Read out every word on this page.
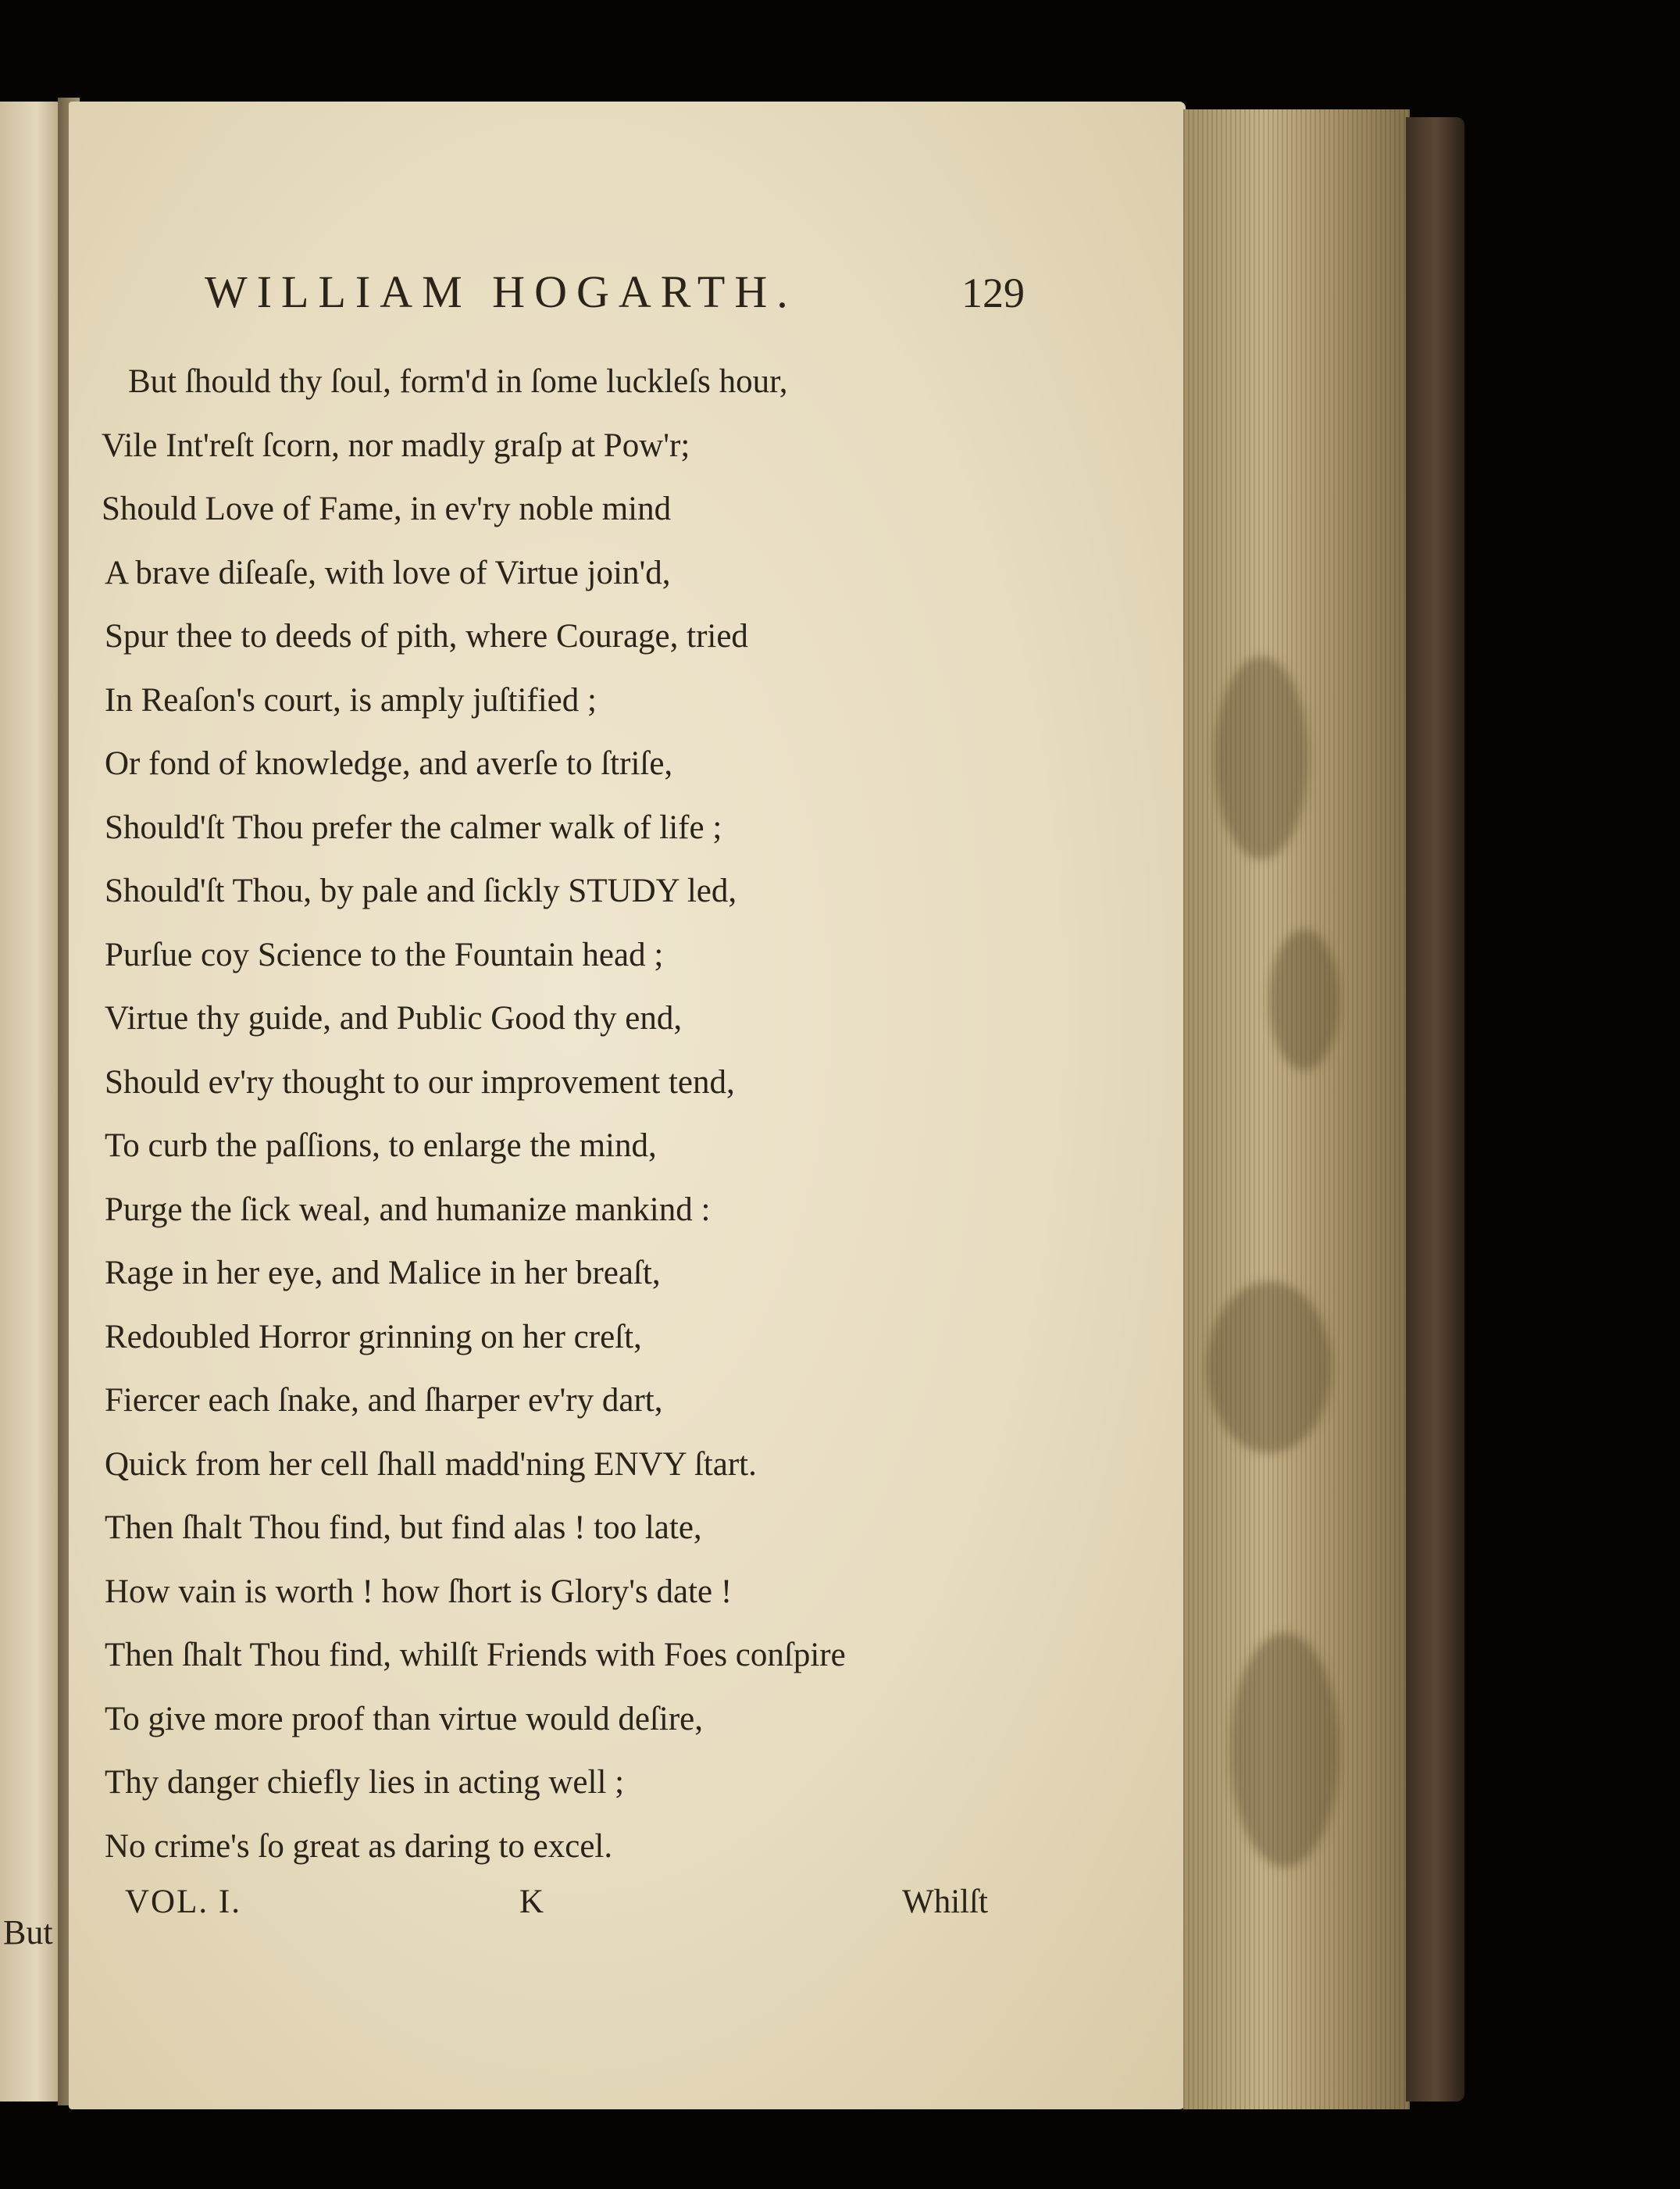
But
WILLIAM HOGARTH.	129
But ſhould thy ſoul, form'd in ſome luckleſs hour,
Vile Int'reſt ſcorn, nor madly graſp at Pow'r;
Should Love of Fame, in ev'ry noble mind
A brave diſeaſe, with love of Virtue join'd,
Spur thee to deeds of pith, where Courage, tried
In Reaſon's court, is amply juſtified ;
Or fond of knowledge, and averſe to ſtriſe,
Should'ſt Thou prefer the calmer walk of life ;
Should'ſt Thou, by pale and ſickly STUDY led,
Purſue coy Science to the Fountain head ;
Virtue thy guide, and Public Good thy end,
Should ev'ry thought to our improvement tend,
To curb the paſſions, to enlarge the mind,
Purge the ſick weal, and humanize mankind :
Rage in her eye, and Malice in her breaſt,
Redoubled Horror grinning on her creſt,
Fiercer each ſnake, and ſharper ev'ry dart,
Quick from her cell ſhall madd'ning ENVY ſtart.
Then ſhalt Thou find, but find alas ! too late,
How vain is worth ! how ſhort is Glory's date !
Then ſhalt Thou find, whilſt Friends with Foes conſpire
To give more proof than virtue would deſire,
Thy danger chiefly lies in acting well ;
No crime's ſo great as daring to excel.
VOL. I.	K	Whilſt
